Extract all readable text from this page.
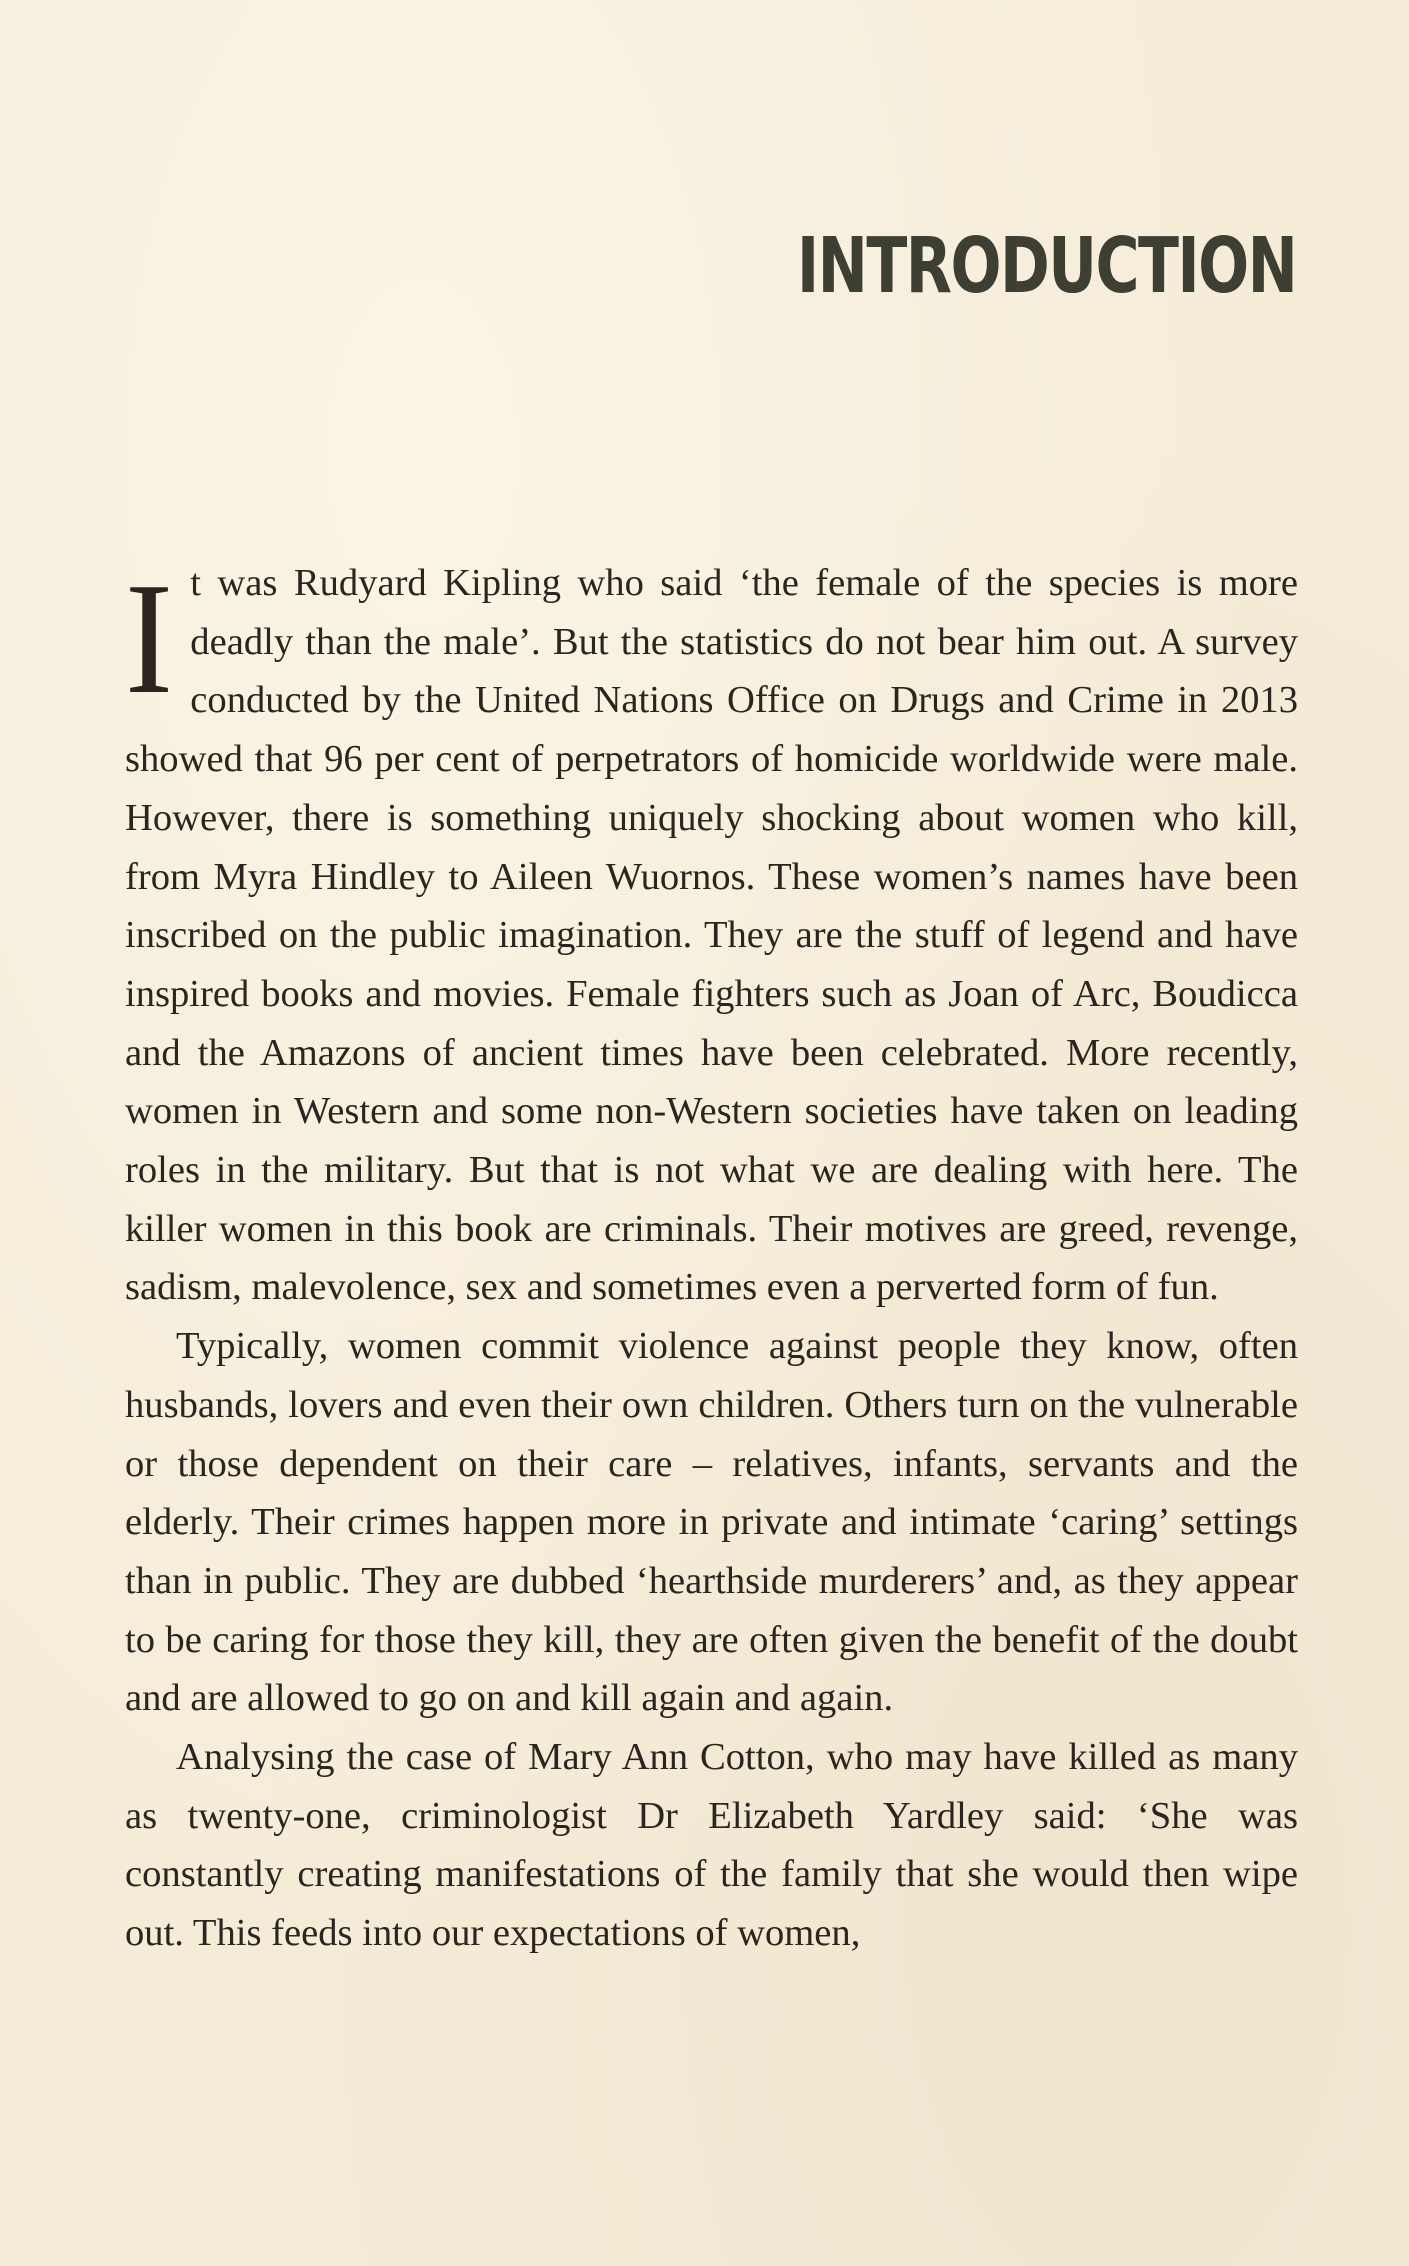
INTRODUCTION

It was Rudyard Kipling who said ‘the female of the species is more deadly than the male’. But the statistics do not bear him out. A survey conducted by the United Nations Office on Drugs and Crime in 2013 showed that 96 per cent of perpetrators of homicide worldwide were male. However, there is something uniquely shocking about women who kill, from Myra Hindley to Aileen Wuornos. These women’s names have been inscribed on the public imagination. They are the stuff of legend and have inspired books and movies. Female fighters such as Joan of Arc, Boudicca and the Amazons of ancient times have been celebrated. More recently, women in Western and some non-Western societies have taken on leading roles in the military. But that is not what we are dealing with here. The killer women in this book are criminals. Their motives are greed, revenge, sadism, malevolence, sex and sometimes even a perverted form of fun.

Typically, women commit violence against people they know, often husbands, lovers and even their own children. Others turn on the vulnerable or those dependent on their care – relatives, infants, servants and the elderly. Their crimes happen more in private and intimate ‘caring’ settings than in public. They are dubbed ‘hearthside murderers’ and, as they appear to be caring for those they kill, they are often given the benefit of the doubt and are allowed to go on and kill again and again.

Analysing the case of Mary Ann Cotton, who may have killed as many as twenty-one, criminologist Dr Elizabeth Yardley said: ‘She was constantly creating manifestations of the family that she would then wipe out. This feeds into our expectations of women,
